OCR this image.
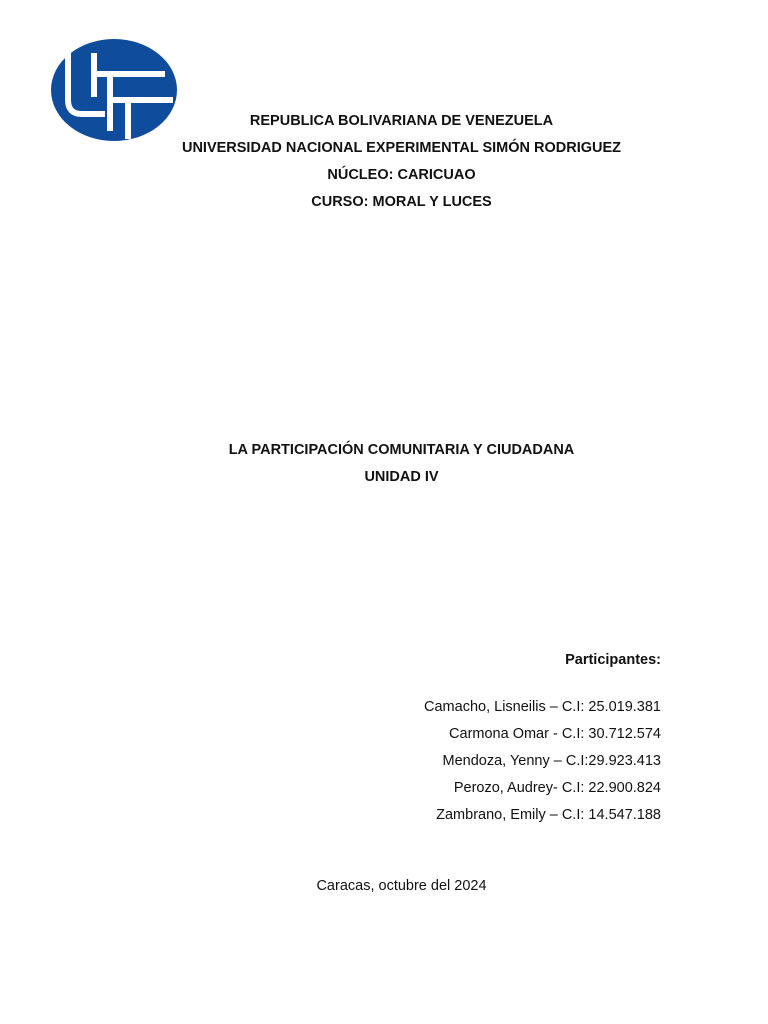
REPUBLICA BOLIVARIANA DE VENEZUELA
UNIVERSIDAD NACIONAL EXPERIMENTAL SIMÓN RODRIGUEZ
NÚCLEO: CARICUAO
CURSO: MORAL Y LUCES
LA PARTICIPACIÓN COMUNITARIA Y CIUDADANA
UNIDAD IV
Participantes:
Camacho, Lisneilis – C.I: 25.019.381
Carmona Omar - C.I: 30.712.574
Mendoza, Yenny – C.I:29.923.413
Perozo, Audrey- C.I: 22.900.824
Zambrano, Emily – C.I: 14.547.188
Caracas, octubre del 2024
